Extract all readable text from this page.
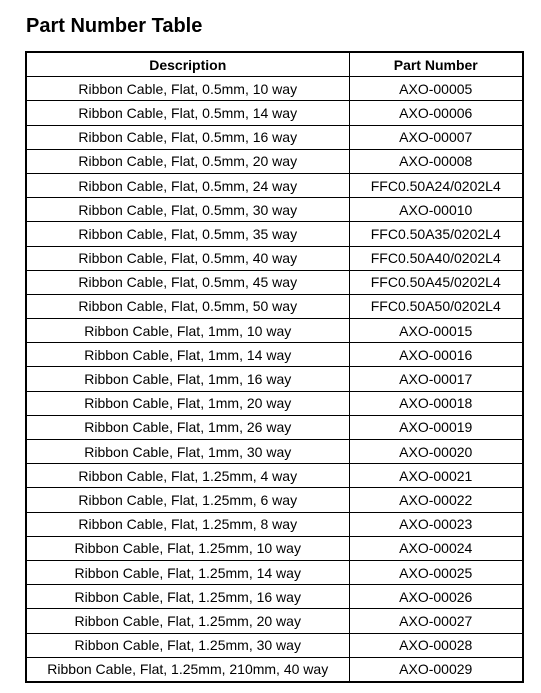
Part Number Table
Description	Part Number
Ribbon Cable, Flat, 0.5mm, 10 way	AXO-00005
Ribbon Cable, Flat, 0.5mm, 14 way	AXO-00006
Ribbon Cable, Flat, 0.5mm, 16 way	AXO-00007
Ribbon Cable, Flat, 0.5mm, 20 way	AXO-00008
Ribbon Cable, Flat, 0.5mm, 24 way	FFC0.50A24/0202L4
Ribbon Cable, Flat, 0.5mm, 30 way	AXO-00010
Ribbon Cable, Flat, 0.5mm, 35 way	FFC0.50A35/0202L4
Ribbon Cable, Flat, 0.5mm, 40 way	FFC0.50A40/0202L4
Ribbon Cable, Flat, 0.5mm, 45 way	FFC0.50A45/0202L4
Ribbon Cable, Flat, 0.5mm, 50 way	FFC0.50A50/0202L4
Ribbon Cable, Flat, 1mm, 10 way	AXO-00015
Ribbon Cable, Flat, 1mm, 14 way	AXO-00016
Ribbon Cable, Flat, 1mm, 16 way	AXO-00017
Ribbon Cable, Flat, 1mm, 20 way	AXO-00018
Ribbon Cable, Flat, 1mm, 26 way	AXO-00019
Ribbon Cable, Flat, 1mm, 30 way	AXO-00020
Ribbon Cable, Flat, 1.25mm, 4 way	AXO-00021
Ribbon Cable, Flat, 1.25mm, 6 way	AXO-00022
Ribbon Cable, Flat, 1.25mm, 8 way	AXO-00023
Ribbon Cable, Flat, 1.25mm, 10 way	AXO-00024
Ribbon Cable, Flat, 1.25mm, 14 way	AXO-00025
Ribbon Cable, Flat, 1.25mm, 16 way	AXO-00026
Ribbon Cable, Flat, 1.25mm, 20 way	AXO-00027
Ribbon Cable, Flat, 1.25mm, 30 way	AXO-00028
Ribbon Cable, Flat, 1.25mm, 210mm, 40 way	AXO-00029
